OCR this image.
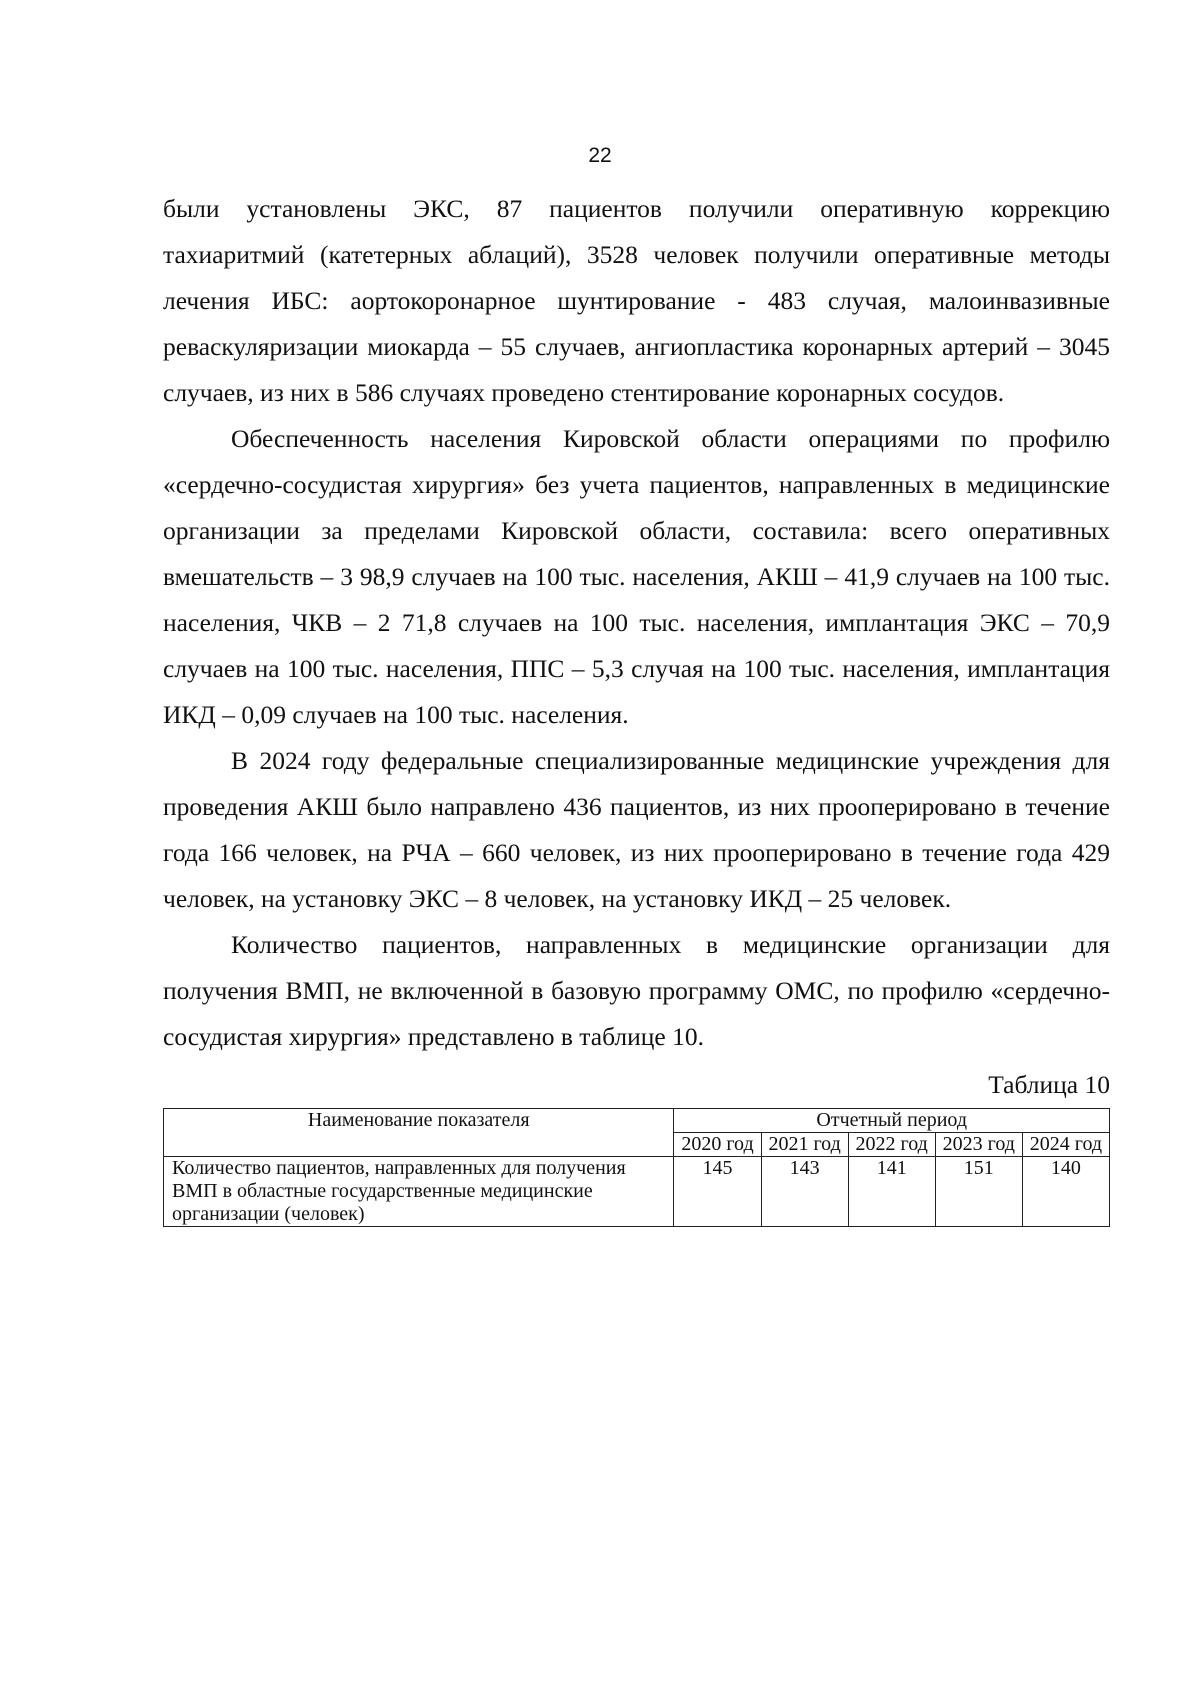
22

были установлены ЭКС, 87 пациентов получили оперативную коррекцию тахиаритмий (катетерных аблаций), 3528 человек получили оперативные методы лечения ИБС: аортокоронарное шунтирование - 483 случая, малоинвазивные реваскуляризации миокарда – 55 случаев, ангиопластика коронарных артерий – 3045 случаев, из них в 586 случаях проведено стентирование коронарных сосудов.

Обеспеченность населения Кировской области операциями по профилю «сердечно-сосудистая хирургия» без учета пациентов, направленных в медицинские организации за пределами Кировской области, составила: всего оперативных вмешательств – 3 98,9 случаев на 100 тыс. населения, АКШ – 41,9 случаев на 100 тыс. населения, ЧКВ – 2 71,8 случаев на 100 тыс. населения, имплантация ЭКС – 70,9 случаев на 100 тыс. населения, ППС – 5,3 случая на 100 тыс. населения, имплантация ИКД – 0,09 случаев на 100 тыс. населения.

В 2024 году федеральные специализированные медицинские учреждения для проведения АКШ было направлено 436 пациентов, из них прооперировано в течение года 166 человек, на РЧА – 660 человек, из них прооперировано в течение года 429 человек, на установку ЭКС – 8 человек, на установку ИКД – 25 человек.

Количество пациентов, направленных в медицинские организации для получения ВМП, не включенной в базовую программу ОМС, по профилю «сердечно-сосудистая хирургия» представлено в таблице 10.

Таблица 10
Наименование показателя	Отчетный период				
	2020 год	2021 год	2022 год	2023 год	2024 год
Количество пациентов, направленных для получения ВМП в областные государственные медицинские организации (человек)	145	143	141	151	140
